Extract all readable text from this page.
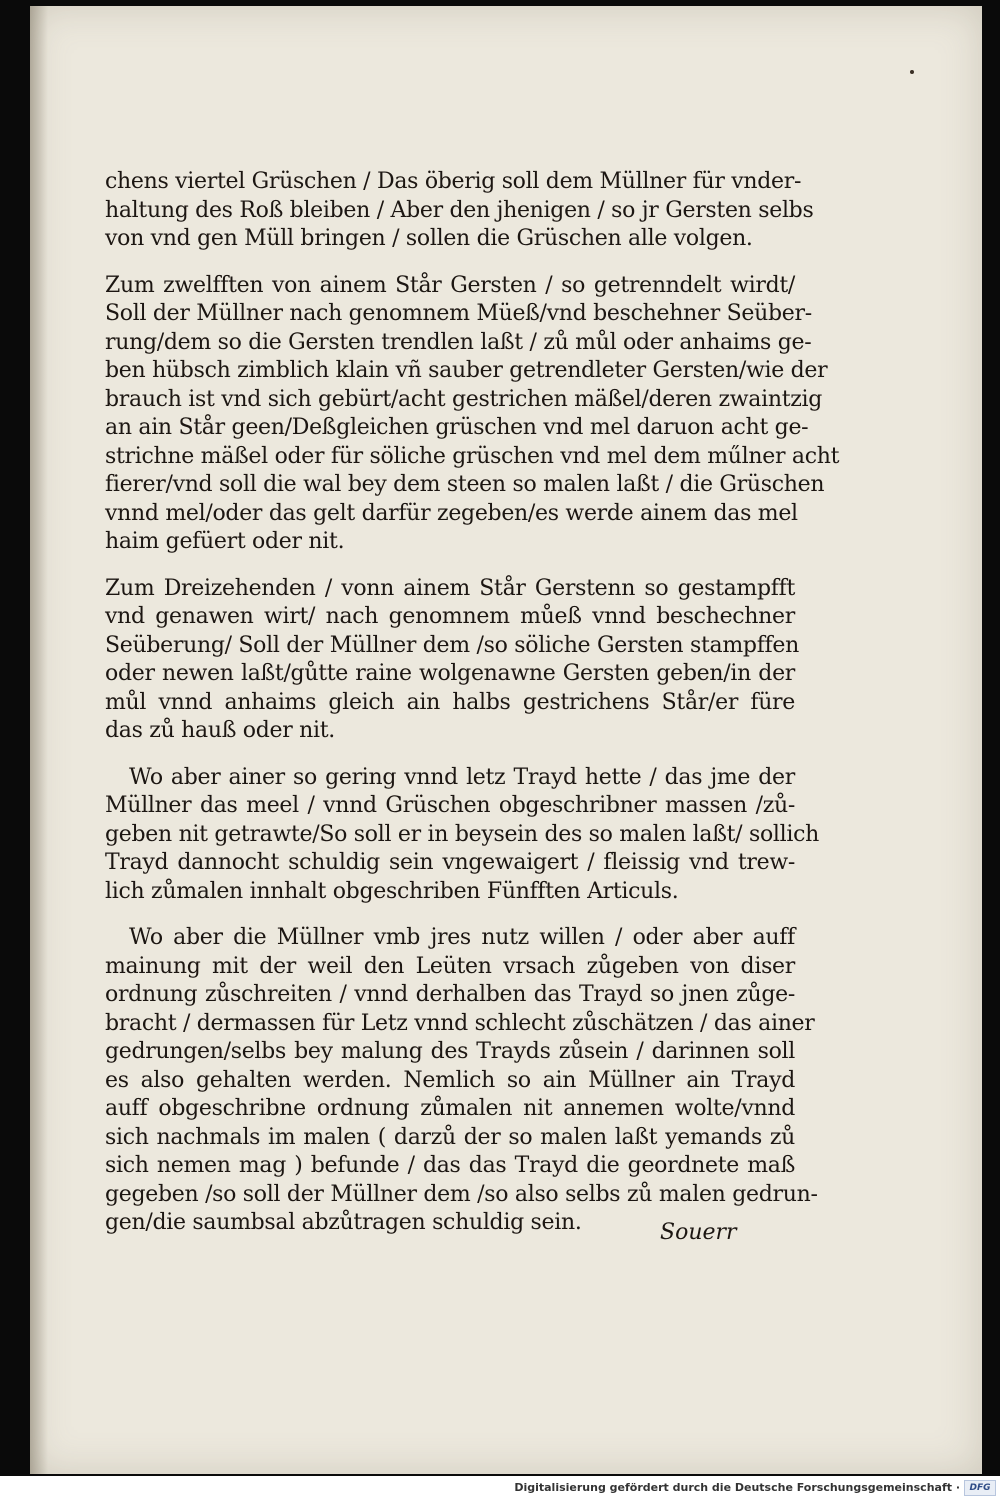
chens viertel Grüschen / Das öberig soll dem Müllner für vnder-
haltung des Roß bleiben / Aber den jhenigen / so jr Gersten selbs
von vnd gen Müll bringen / sollen die Grüschen alle volgen.
Zum zwelfften von ainem Står Gersten / so getrenndelt wirdt/
Soll der Müllner nach genomnem Müeß/vnd beschehner Seüber-
rung/dem so die Gersten trendlen laßt / zů můl oder anhaims ge-
ben hübsch zimblich klain vñ sauber getrendleter Gersten/wie der
brauch ist vnd sich gebürt/acht gestrichen mäßel/deren zwaintzig
an ain Står geen/Deßgleichen grüschen vnd mel daruon acht ge-
strichne mäßel oder für söliche grüschen vnd mel dem műlner acht
fierer/vnd soll die wal bey dem steen so malen laßt / die Grüschen
vnnd mel/oder das gelt darfür zegeben/es werde ainem das mel
haim gefüert oder nit.
Zum Dreizehenden / vonn ainem Står Gerstenn so gestampfft
vnd genawen wirt/ nach genomnem můeß vnnd beschechner
Seüberung/ Soll der Müllner dem /so söliche Gersten stampffen
oder newen laßt/gůtte raine wolgenawne Gersten geben/in der
můl vnnd anhaims gleich ain halbs gestrichens Står/er füre
das zů hauß oder nit.
Wo aber ainer so gering vnnd letz Trayd hette / das jme der
Müllner das meel / vnnd Grüschen obgeschribner massen /zů-
geben nit getrawte/So soll er in beysein des so malen laßt/ sollich
Trayd dannocht schuldig sein vngewaigert / fleissig vnd trew-
lich zůmalen innhalt obgeschriben Fünfften Articuls.
Wo aber die Müllner vmb jres nutz willen / oder aber auff
mainung mit der weil den Leüten vrsach zůgeben von diser
ordnung zůschreiten / vnnd derhalben das Trayd so jnen zůge-
bracht / dermassen für Letz vnnd schlecht zůschätzen / das ainer
gedrungen/selbs bey malung des Trayds zůsein / darinnen soll
es also gehalten werden. Nemlich so ain Müllner ain Trayd
auff obgeschribne ordnung zůmalen nit annemen wolte/vnnd
sich nachmals im malen ( darzů der so malen laßt yemands zů
sich nemen mag ) befunde / das das Trayd die geordnete maß
gegeben /so soll der Müllner dem /so also selbs zů malen gedrun-
gen/die saumbsal abzůtragen schuldig sein.	Souerr
Digitalisierung gefördert durch die Deutsche Forschungsgemeinschaft ·	DFG
